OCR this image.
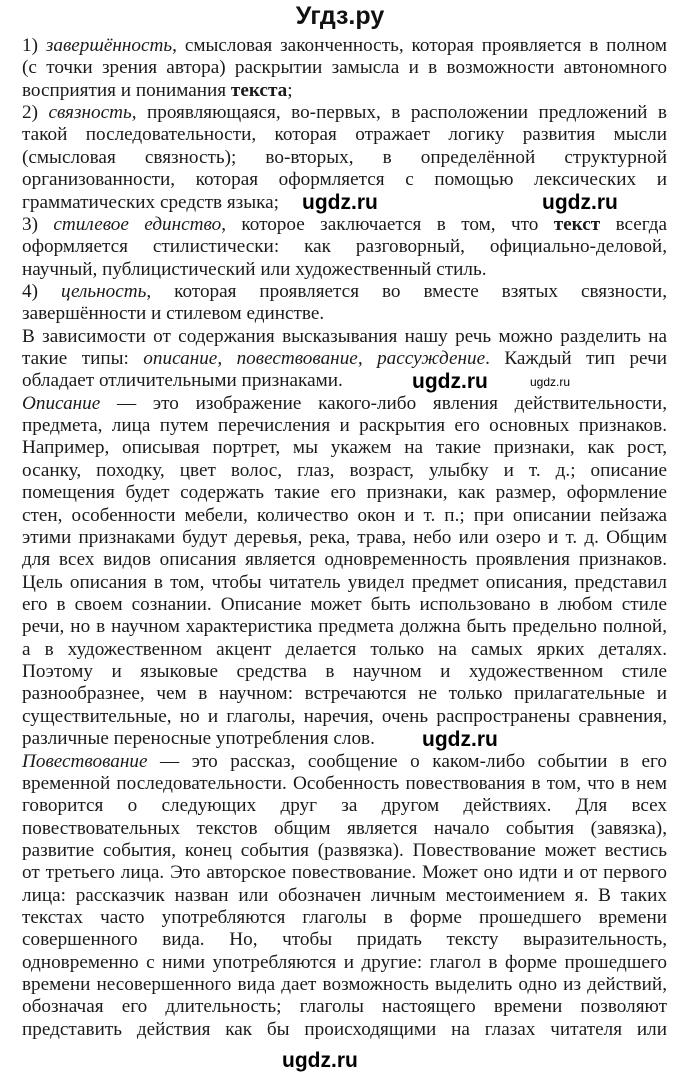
Угдз.ру
1) завершённость, смысловая законченность, которая проявляется в полном
(с точки зрения автора) раскрытии замысла и в возможности автономного
восприятия и понимания текста;
2) связность, проявляющаяся, во-первых, в расположении предложений в
такой последовательности, которая отражает логику развития мысли
(смысловая связность); во-вторых, в определённой структурной
организованности, которая оформляется с помощью лексических и
грамматических средств языка;
3) стилевое единство, которое заключается в том, что текст всегда
оформляется стилистически: как разговорный, официально-деловой,
научный, публицистический или художественный стиль.
4) цельность, которая проявляется во вместе взятых связности,
завершённости и стилевом единстве.
В зависимости от содержания высказывания нашу речь можно разделить на
такие типы: описание, повествование, рассуждение. Каждый тип речи
обладает отличительными признаками.
Описание — это изображение какого-либо явления действительности,
предмета, лица путем перечисления и раскрытия его основных признаков.
Например, описывая портрет, мы укажем на такие признаки, как рост,
осанку, походку, цвет волос, глаз, возраст, улыбку и т. д.; описание
помещения будет содержать такие его признаки, как размер, оформление
стен, особенности мебели, количество окон и т. п.; при описании пейзажа
этими признаками будут деревья, река, трава, небо или озеро и т. д. Общим
для всех видов описания является одновременность проявления признаков.
Цель описания в том, чтобы читатель увидел предмет описания, представил
его в своем сознании. Описание может быть использовано в любом стиле
речи, но в научном характеристика предмета должна быть предельно полной,
а в художественном акцент делается только на самых ярких деталях.
Поэтому и языковые средства в научном и художественном стиле
разнообразнее, чем в научном: встречаются не только прилагательные и
существительные, но и глаголы, наречия, очень распространены сравнения,
различные переносные употребления слов.
Повествование — это рассказ, сообщение о каком-либо событии в его
временной последовательности. Особенность повествования в том, что в нем
говорится о следующих друг за другом действиях. Для всех
повествовательных текстов общим является начало события (завязка),
развитие события, конец события (развязка). Повествование может вестись
от третьего лица. Это авторское повествование. Может оно идти и от первого
лица: рассказчик назван или обозначен личным местоимением я. В таких
текстах часто употребляются глаголы в форме прошедшего времени
совершенного вида. Но, чтобы придать тексту выразительность,
одновременно с ними употребляются и другие: глагол в форме прошедшего
времени несовершенного вида дает возможность выделить одно из действий,
обозначая его длительность; глаголы настоящего времени позволяют
представить действия как бы происходящими на глазах читателя или
ugdz.ru	ugdz.ru
ugdz.ru	ugdz.ru
ugdz.ru
ugdz.ru
